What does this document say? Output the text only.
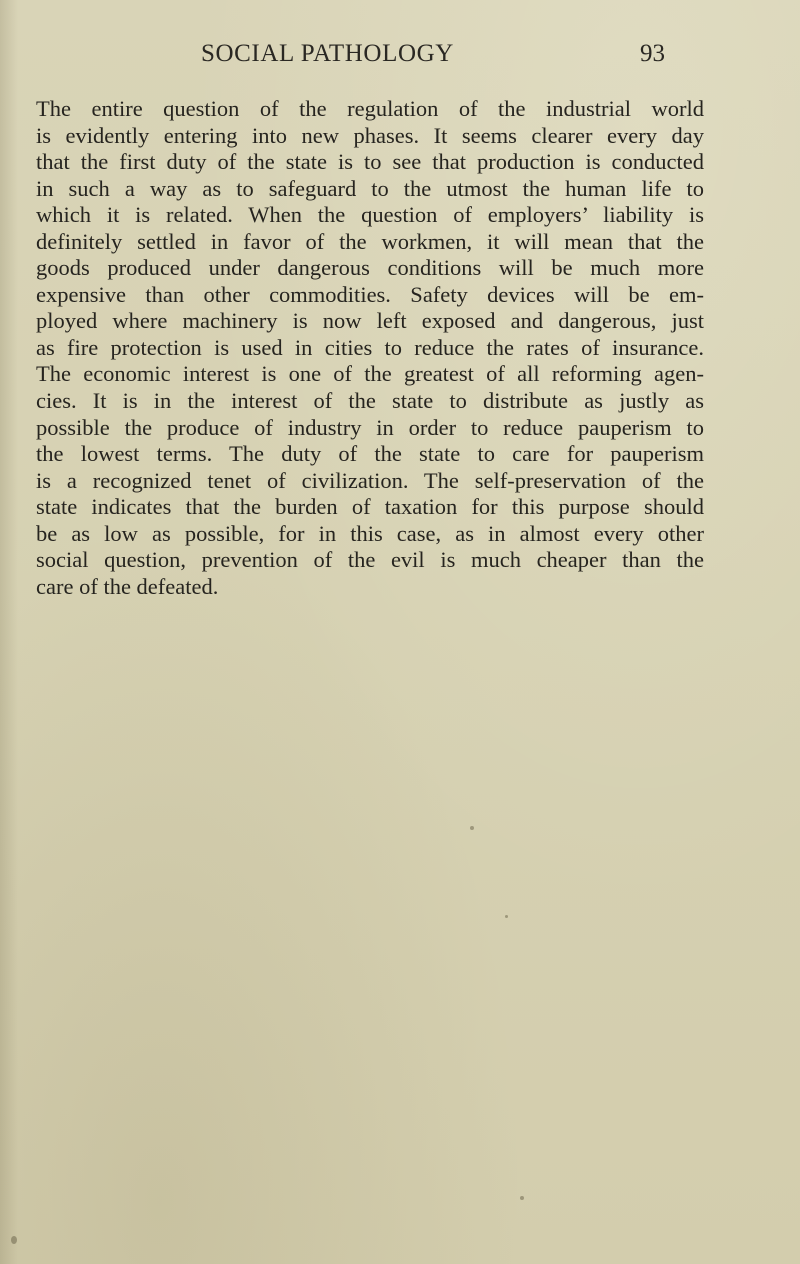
SOCIAL PATHOLOGY	93
The entire question of the regulation of the industrial world
is evidently entering into new phases. It seems clearer every day
that the first duty of the state is to see that production is conducted
in such a way as to safeguard to the utmost the human life to
which it is related. When the question of employers’ liability is
definitely settled in favor of the workmen, it will mean that the
goods produced under dangerous conditions will be much more
expensive than other commodities. Safety devices will be em-
ployed where machinery is now left exposed and dangerous, just
as fire protection is used in cities to reduce the rates of insurance.
The economic interest is one of the greatest of all reforming agen-
cies. It is in the interest of the state to distribute as justly as
possible the produce of industry in order to reduce pauperism to
the lowest terms. The duty of the state to care for pauperism
is a recognized tenet of civilization. The self-preservation of the
state indicates that the burden of taxation for this purpose should
be as low as possible, for in this case, as in almost every other
social question, prevention of the evil is much cheaper than the
care of the defeated.
